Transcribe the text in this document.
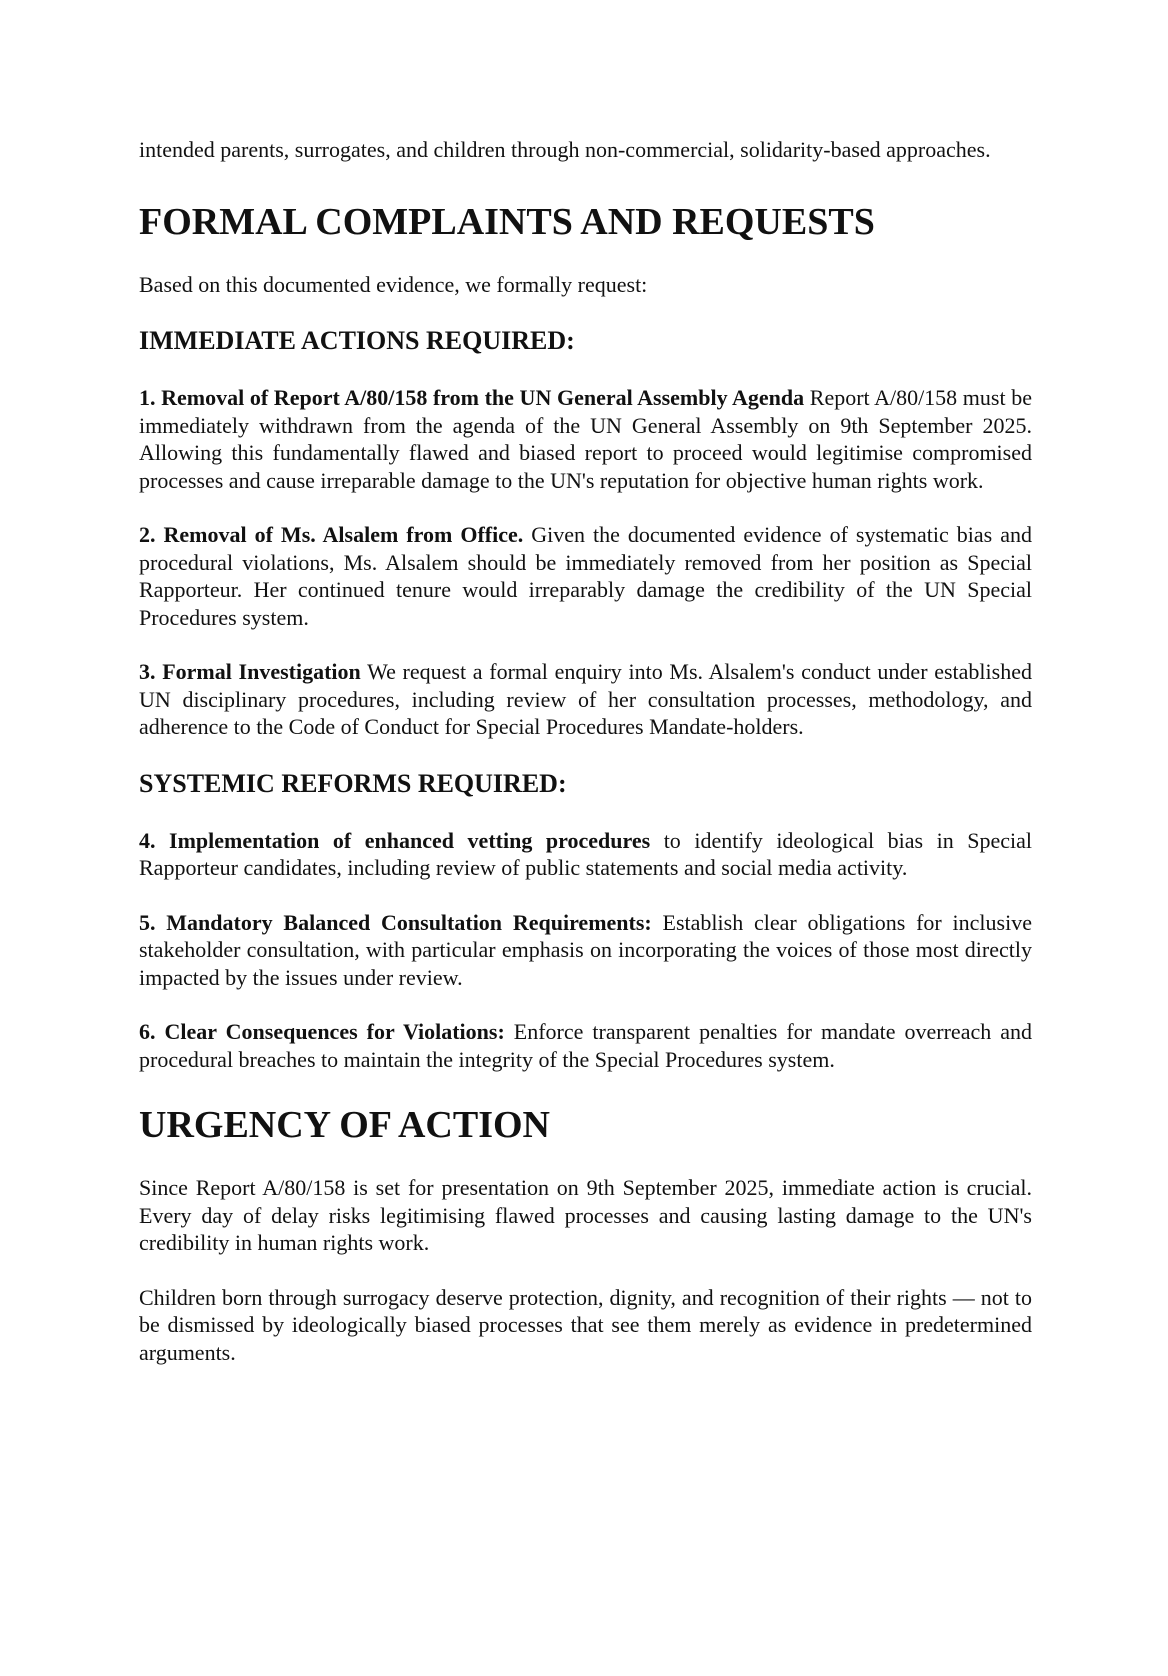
intended parents, surrogates, and children through non-commercial, solidarity-based approaches.

FORMAL COMPLAINTS AND REQUESTS

Based on this documented evidence, we formally request:

IMMEDIATE ACTIONS REQUIRED:

1. Removal of Report A/80/158 from the UN General Assembly Agenda Report A/80/158 must be immediately withdrawn from the agenda of the UN General Assembly on 9th September 2025. Allowing this fundamentally flawed and biased report to proceed would legitimise compromised processes and cause irreparable damage to the UN's reputation for objective human rights work.

2. Removal of Ms. Alsalem from Office. Given the documented evidence of systematic bias and procedural violations, Ms. Alsalem should be immediately removed from her position as Special Rapporteur. Her continued tenure would irreparably damage the credibility of the UN Special Procedures system.

3. Formal Investigation We request a formal enquiry into Ms. Alsalem's conduct under established UN disciplinary procedures, including review of her consultation processes, methodology, and adherence to the Code of Conduct for Special Procedures Mandate-holders.

SYSTEMIC REFORMS REQUIRED:

4. Implementation of enhanced vetting procedures to identify ideological bias in Special Rapporteur candidates, including review of public statements and social media activity.

5. Mandatory Balanced Consultation Requirements: Establish clear obligations for inclusive stakeholder consultation, with particular emphasis on incorporating the voices of those most directly impacted by the issues under review.

6. Clear Consequences for Violations: Enforce transparent penalties for mandate overreach and procedural breaches to maintain the integrity of the Special Procedures system.

URGENCY OF ACTION

Since Report A/80/158 is set for presentation on 9th September 2025, immediate action is crucial. Every day of delay risks legitimising flawed processes and causing lasting damage to the UN's credibility in human rights work.

Children born through surrogacy deserve protection, dignity, and recognition of their rights — not to be dismissed by ideologically biased processes that see them merely as evidence in predetermined arguments.
